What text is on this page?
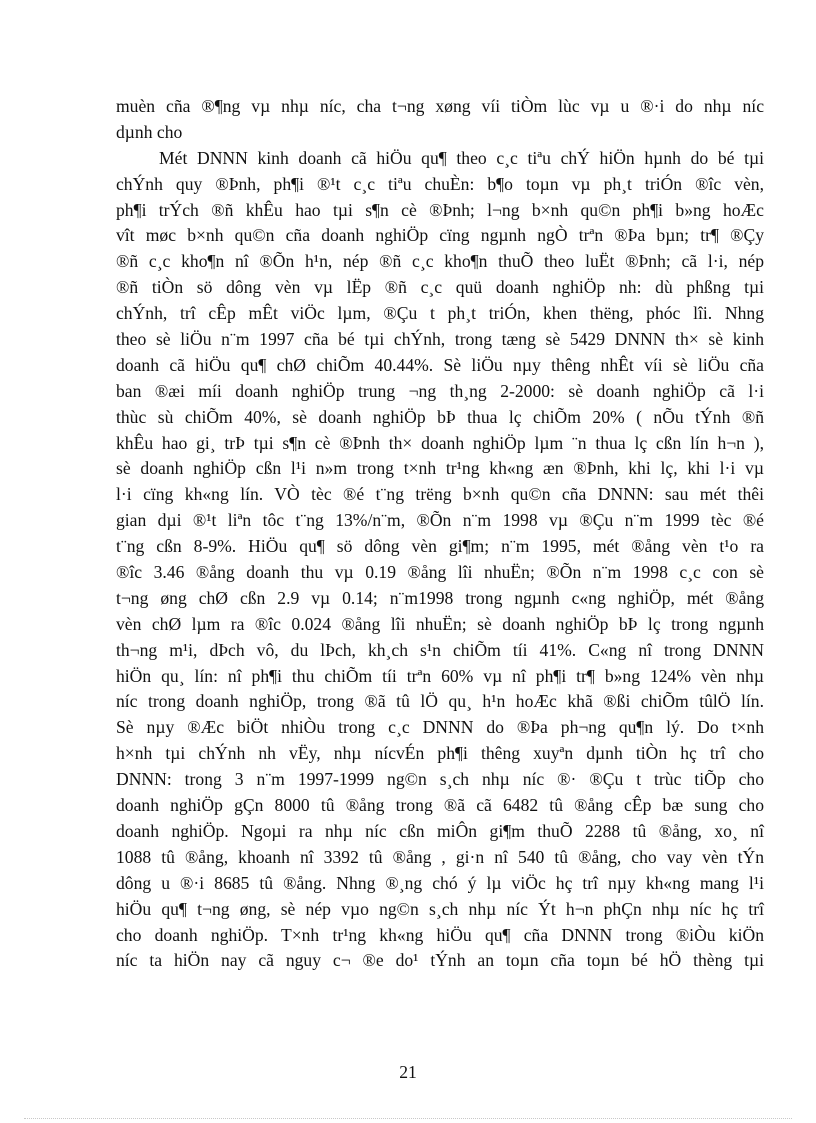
muèn cña ®¶ng vµ nhµ níc, cha t¬ng xøng víi tiÒm lùc vµ u ®·i do nhµ níc
dµnh cho
Mét DNNN kinh doanh cã hiÖu qu¶ theo c¸c tiªu chÝ hiÖn hµnh do bé tµi
chÝnh quy ®Þnh, ph¶i ®¹t c¸c tiªu chuÈn: b¶o toµn vµ ph¸t triÓn ®îc vèn,
ph¶i trÝch ®ñ khÊu hao tµi s¶n cè ®Þnh; l¬ng b×nh qu©n ph¶i b»ng hoÆc
vît møc b×nh qu©n cña doanh nghiÖp cïng ngµnh ngÒ trªn ®Þa bµn; tr¶ ®Çy
®ñ c¸c kho¶n nî ®Õn h¹n, nép ®ñ c¸c kho¶n thuÕ theo luËt ®Þnh; cã l·i, nép
®ñ tiÒn sö dông vèn vµ lËp ®ñ c¸c quü doanh nghiÖp nh: dù phßng tµi
chÝnh, trî cÊp mÊt viÖc lµm, ®Çu t ph¸t triÓn, khen thëng, phóc lîi. Nhng
theo sè liÖu n¨m 1997 cña bé tµi chÝnh, trong tæng sè 5429 DNNN th× sè kinh
doanh cã hiÖu qu¶ chØ chiÕm 40.44%. Sè liÖu nµy thêng nhÊt víi sè liÖu cña
ban ®æi míi doanh nghiÖp trung ¬ng th¸ng 2-2000: sè doanh nghiÖp cã l·i
thùc sù chiÕm 40%, sè doanh nghiÖp bÞ thua lç chiÕm 20% ( nÕu tÝnh ®ñ
khÊu hao gi¸ trÞ tµi s¶n cè ®Þnh th× doanh nghiÖp lµm ¨n thua lç cßn lín h¬n ),
sè doanh nghiÖp cßn l¹i n»m trong t×nh tr¹ng kh«ng æn ®Þnh, khi lç, khi l·i vµ
l·i cïng kh«ng lín. VÒ tèc ®é t¨ng trëng b×nh qu©n cña DNNN: sau mét thêi
gian dµi ®¹t liªn tôc t¨ng 13%/n¨m, ®Õn n¨m 1998 vµ ®Çu n¨m 1999 tèc ®é
t¨ng cßn 8-9%. HiÖu qu¶ sö dông vèn gi¶m; n¨m 1995, mét ®ång vèn t¹o ra
®îc 3.46 ®ång doanh thu vµ 0.19 ®ång lîi nhuËn; ®Õn n¨m 1998 c¸c con sè
t¬ng øng chØ cßn 2.9 vµ 0.14; n¨m1998 trong ngµnh c«ng nghiÖp, mét ®ång
vèn chØ lµm ra ®îc 0.024 ®ång lîi nhuËn; sè doanh nghiÖp bÞ lç trong ngµnh
th¬ng m¹i, dÞch vô, du lÞch, kh¸ch s¹n chiÕm tíi 41%. C«ng nî trong DNNN
hiÖn qu¸ lín: nî ph¶i thu chiÕm tíi trªn 60% vµ nî ph¶i tr¶ b»ng 124% vèn nhµ
níc trong doanh nghiÖp, trong ®ã tû lÖ qu¸ h¹n hoÆc khã ®ßi chiÕm tûlÖ lín.
Sè nµy ®Æc biÖt nhiÒu trong c¸c DNNN do ®Þa ph¬ng qu¶n lý. Do t×nh
h×nh tµi chÝnh nh vËy, nhµ nícvÉn ph¶i thêng xuyªn dµnh tiÒn hç trî cho
DNNN: trong 3 n¨m 1997-1999 ng©n s¸ch nhµ níc ®· ®Çu t trùc tiÕp cho
doanh nghiÖp gÇn 8000 tû ®ång trong ®ã cã 6482 tû ®ång cÊp bæ sung cho
doanh nghiÖp. Ngoµi ra nhµ níc cßn miÔn gi¶m thuÕ 2288 tû ®ång, xo¸ nî
1088 tû ®ång, khoanh nî 3392 tû ®ång , gi·n nî 540 tû ®ång, cho vay vèn tÝn
dông u ®·i 8685 tû ®ång. Nhng ®¸ng chó ý lµ viÖc hç trî nµy kh«ng mang l¹i
hiÖu qu¶ t¬ng øng, sè nép vµo ng©n s¸ch nhµ níc Ýt h¬n phÇn nhµ níc hç trî
cho doanh nghiÖp. T×nh tr¹ng kh«ng hiÖu qu¶ cña DNNN trong ®iÒu kiÖn
níc ta hiÖn nay cã nguy c¬ ®e do¹ tÝnh an toµn cña toµn bé hÖ thèng tµi
21
